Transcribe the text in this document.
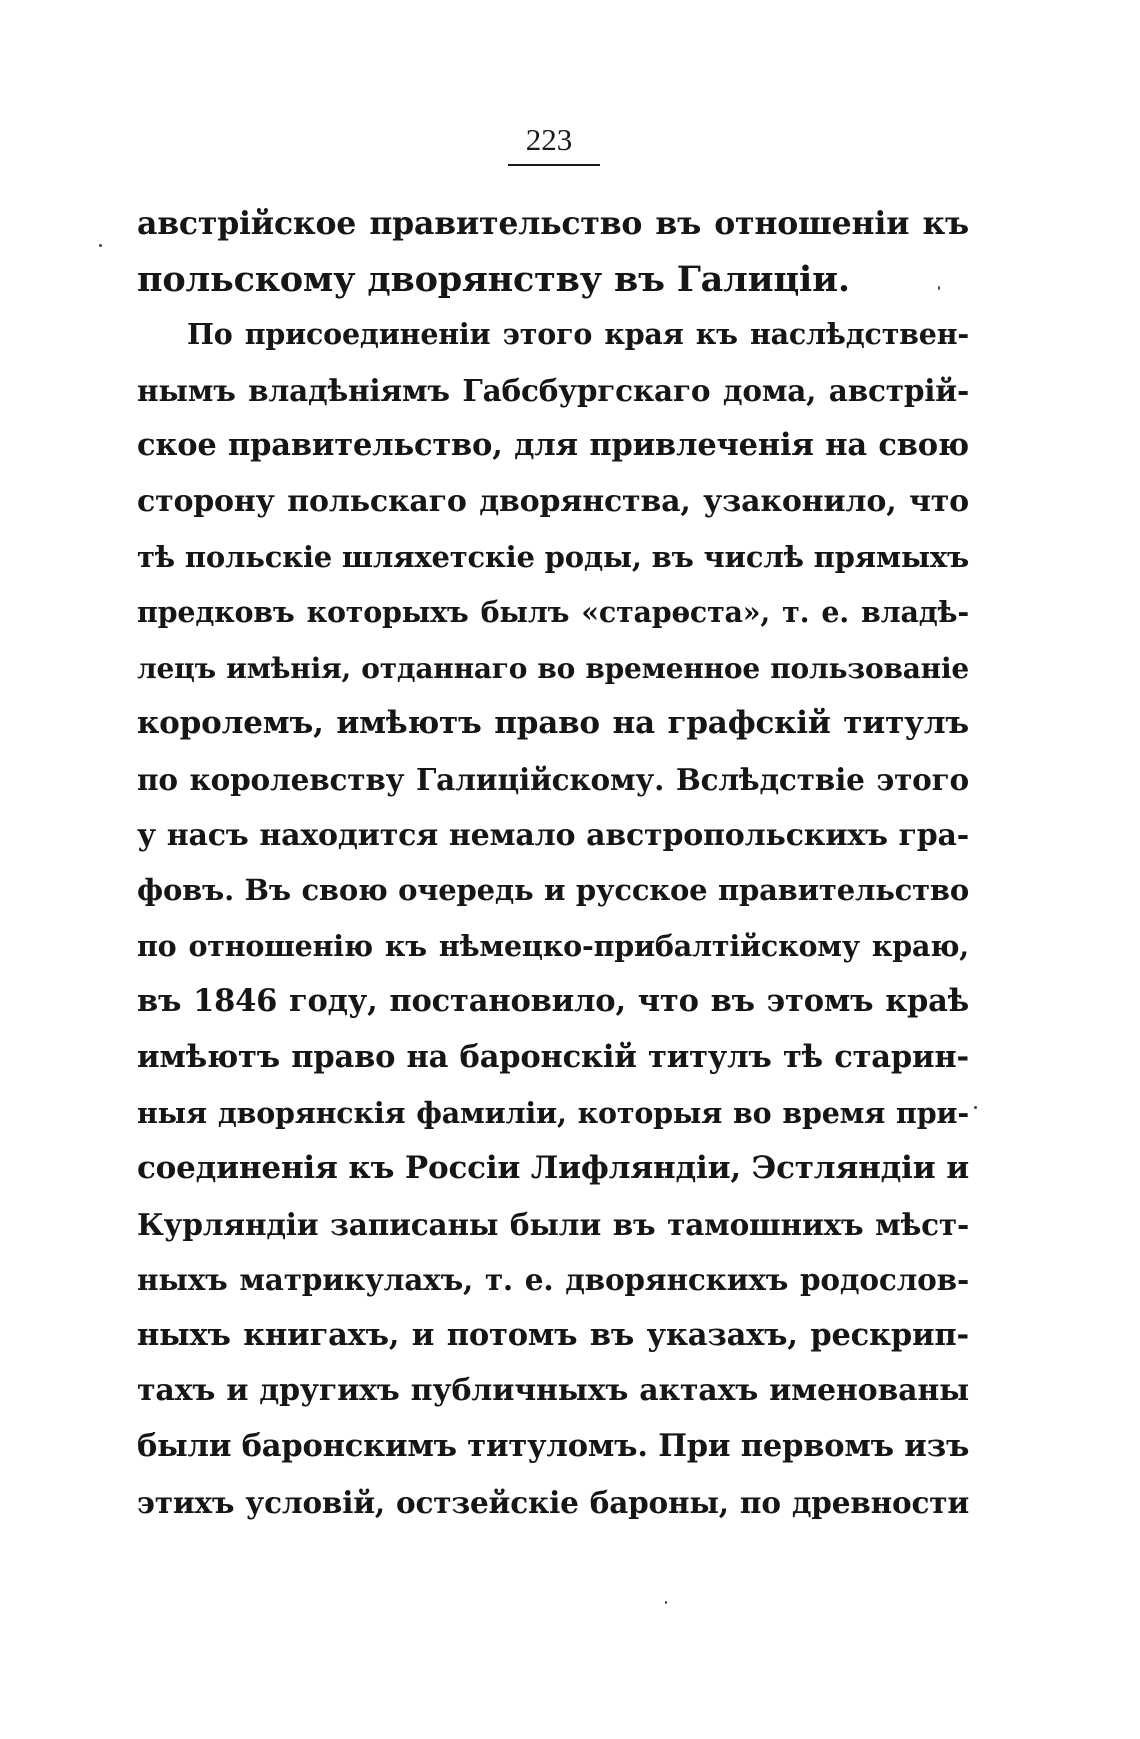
223
австрійское правительство въ отношеніи къ
польскому дворянству въ Галиціи.
По присоединеніи этого края къ наслѣдствен-
нымъ владѣніямъ Габсбургскаго дома, австрій-
ское правительство, для привлеченія на свою
сторону польскаго дворянства, узаконило, что
тѣ польскіе шляхетскіе роды, въ числѣ прямыхъ
предковъ которыхъ былъ «старѳста», т. е. владѣ-
лецъ имѣнія, отданнаго во временное пользованіе
королемъ, имѣютъ право на графскій титулъ
по королевству Галиційскому. Вслѣдствіе этого
у насъ находится немало австропольскихъ гра-
фовъ. Въ свою очередь и русское правительство
по отношенію къ нѣмецко-прибалтійскому краю,
въ 1846 году, постановило, что въ этомъ краѣ
имѣютъ право на баронскій титулъ тѣ старин-
ныя дворянскія фамиліи, которыя во время при-
соединенія къ Россіи Лифляндіи, Эстляндіи и
Курляндіи записаны были въ тамошнихъ мѣст-
ныхъ матрикулахъ, т. е. дворянскихъ родослов-
ныхъ книгахъ, и потомъ въ указахъ, рескрип-
тахъ и другихъ публичныхъ актахъ именованы
были баронскимъ титуломъ. При первомъ изъ
этихъ условій, остзейскіе бароны, по древности
